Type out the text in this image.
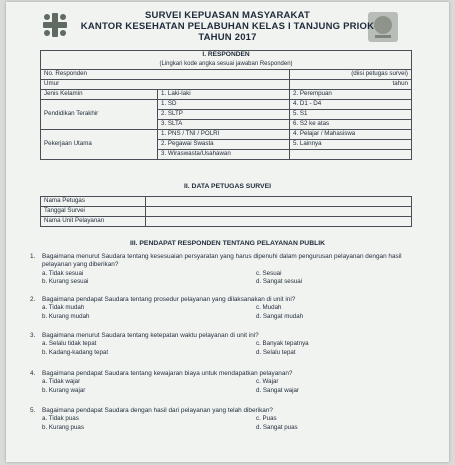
SURVEI KEPUASAN MASYARAKAT
KANTOR KESEHATAN PELABUHAN KELAS I TANJUNG PRIOK
TAHUN 2017
I. RESPONDEN		
(Lingkari kode angka sesuai jawaban Responden)		
No. Responden		(diisi petugas survei)
Umur		tahun
Jenis Kelamin	1. Laki-laki	2. Perempuan
Pendidikan Terakhir	1. SD	4. D1 - D4
	2. SLTP	5. S1
	3. SLTA	6. S2 ke atas
Pekerjaan Utama	1. PNS / TNI / POLRI	4. Pelajar / Mahasiswa
	2. Pegawai Swasta	5. Lainnya
	3. Wiraswasta/Usahawan	
II. DATA PETUGAS SURVEI
Nama Petugas	
Tanggal Survei	
Nama Unit Pelayanan	
III. PENDAPAT RESPONDEN TENTANG PELAYANAN PUBLIK
1. Bagaimana menurut Saudara tentang kesesuaian persyaratan yang harus dipenuhi dalam pengurusan pelayanan dengan hasil pelayanan yang diberikan?
a. Tidak sesuai	c. Sesuai
b. Kurang sesuai	d. Sangat sesuai
2. Bagaimana pendapat Saudara tentang prosedur pelayanan yang dilaksanakan di unit ini?
a. Tidak mudah	c. Mudah
b. Kurang mudah	d. Sangat mudah
3. Bagaimana menurut Saudara tentang ketepatan waktu pelayanan di unit ini?
a. Selalu tidak tepat	c. Banyak tepatnya
b. Kadang-kadang tepat	d. Selalu tepat
4. Bagaimana pendapat Saudara tentang kewajaran biaya untuk mendapatkan pelayanan?
a. Tidak wajar	c. Wajar
b. Kurang wajar	d. Sangat wajar
5. Bagaimana pendapat Saudara dengan hasil dari pelayanan yang telah diberikan?
a. Tidak puas	c. Puas
b. Kurang puas	d. Sangat puas
